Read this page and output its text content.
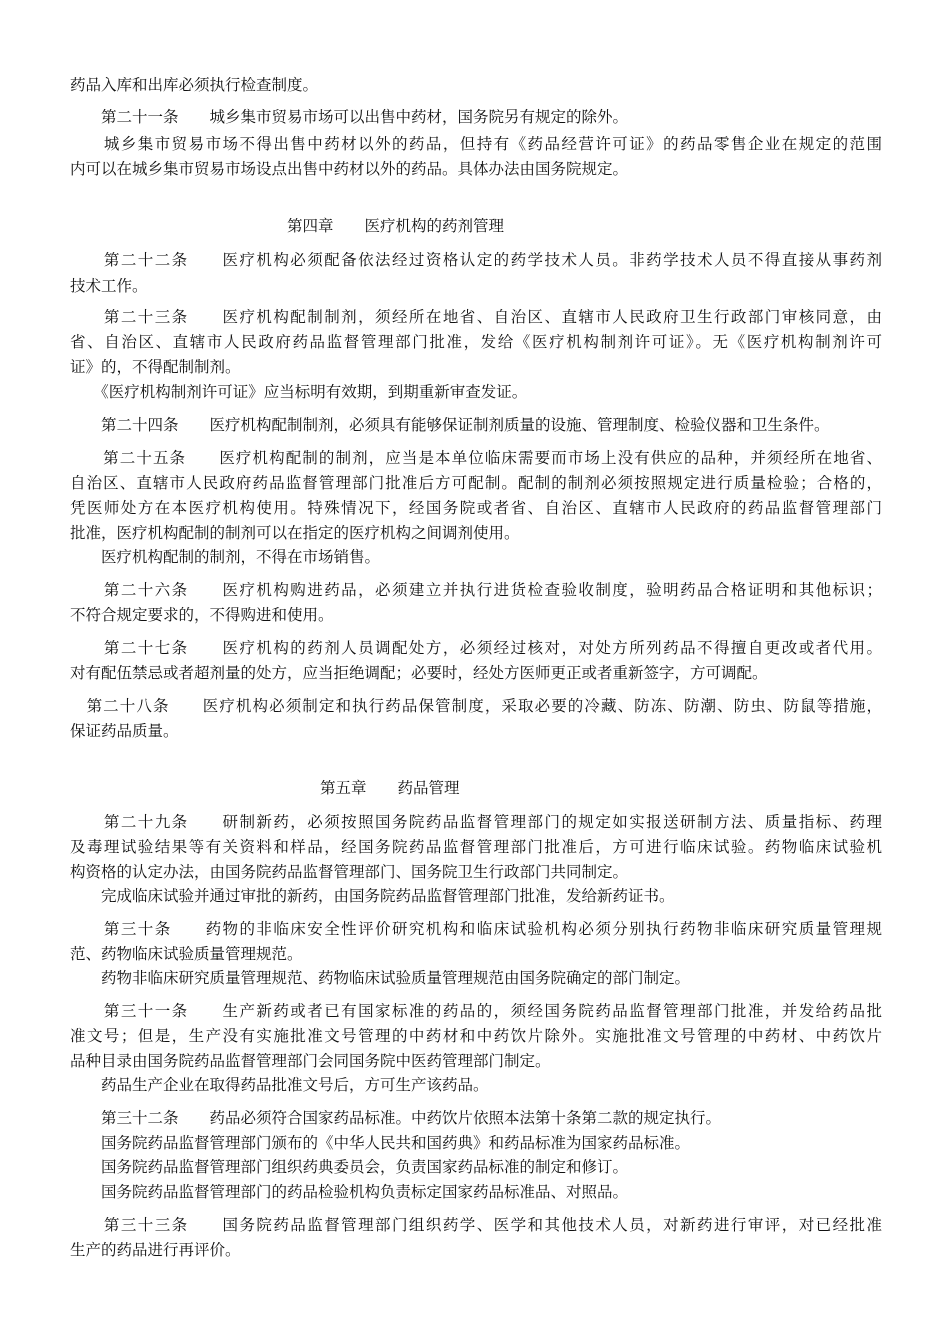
药品入库和出库必须执行检查制度。
　　第二十一条　　城乡集市贸易市场可以出售中药材，国务院另有规定的除外。
　　城乡集市贸易市场不得出售中药材以外的药品，但持有《药品经营许可证》的药品零售企业在规定的范围
内可以在城乡集市贸易市场设点出售中药材以外的药品。具体办法由国务院规定。
第四章　　医疗机构的药剂管理
　　第二十二条　　医疗机构必须配备依法经过资格认定的药学技术人员。非药学技术人员不得直接从事药剂
技术工作。
　　第二十三条　　医疗机构配制制剂，须经所在地省、自治区、直辖市人民政府卫生行政部门审核同意，由
省、自治区、直辖市人民政府药品监督管理部门批准，发给《医疗机构制剂许可证》。无《医疗机构制剂许可
证》的，不得配制制剂。
　　《医疗机构制剂许可证》应当标明有效期，到期重新审查发证。
　　第二十四条　　医疗机构配制制剂，必须具有能够保证制剂质量的设施、管理制度、检验仪器和卫生条件。
　　第二十五条　　医疗机构配制的制剂，应当是本单位临床需要而市场上没有供应的品种，并须经所在地省、
自治区、直辖市人民政府药品监督管理部门批准后方可配制。配制的制剂必须按照规定进行质量检验；合格的，
凭医师处方在本医疗机构使用。特殊情况下，经国务院或者省、自治区、直辖市人民政府的药品监督管理部门
批准，医疗机构配制的制剂可以在指定的医疗机构之间调剂使用。
　　医疗机构配制的制剂，不得在市场销售。
　　第二十六条　　医疗机构购进药品，必须建立并执行进货检查验收制度，验明药品合格证明和其他标识；
不符合规定要求的，不得购进和使用。
　　第二十七条　　医疗机构的药剂人员调配处方，必须经过核对，对处方所列药品不得擅自更改或者代用。
对有配伍禁忌或者超剂量的处方，应当拒绝调配；必要时，经处方医师更正或者重新签字，方可调配。
　第二十八条　　医疗机构必须制定和执行药品保管制度，采取必要的冷藏、防冻、防潮、防虫、防鼠等措施，
保证药品质量。
第五章　　药品管理
　　第二十九条　　研制新药，必须按照国务院药品监督管理部门的规定如实报送研制方法、质量指标、药理
及毒理试验结果等有关资料和样品，经国务院药品监督管理部门批准后，方可进行临床试验。药物临床试验机
构资格的认定办法，由国务院药品监督管理部门、国务院卫生行政部门共同制定。
　　完成临床试验并通过审批的新药，由国务院药品监督管理部门批准，发给新药证书。
　　第三十条　　药物的非临床安全性评价研究机构和临床试验机构必须分别执行药物非临床研究质量管理规
范、药物临床试验质量管理规范。
　　药物非临床研究质量管理规范、药物临床试验质量管理规范由国务院确定的部门制定。
　　第三十一条　　生产新药或者已有国家标准的药品的，须经国务院药品监督管理部门批准，并发给药品批
准文号；但是，生产没有实施批准文号管理的中药材和中药饮片除外。实施批准文号管理的中药材、中药饮片
品种目录由国务院药品监督管理部门会同国务院中医药管理部门制定。
　　药品生产企业在取得药品批准文号后，方可生产该药品。
　　第三十二条　　药品必须符合国家药品标准。中药饮片依照本法第十条第二款的规定执行。
　　国务院药品监督管理部门颁布的《中华人民共和国药典》和药品标准为国家药品标准。
　　国务院药品监督管理部门组织药典委员会，负责国家药品标准的制定和修订。
　　国务院药品监督管理部门的药品检验机构负责标定国家药品标准品、对照品。
　　第三十三条　　国务院药品监督管理部门组织药学、医学和其他技术人员，对新药进行审评，对已经批准
生产的药品进行再评价。
